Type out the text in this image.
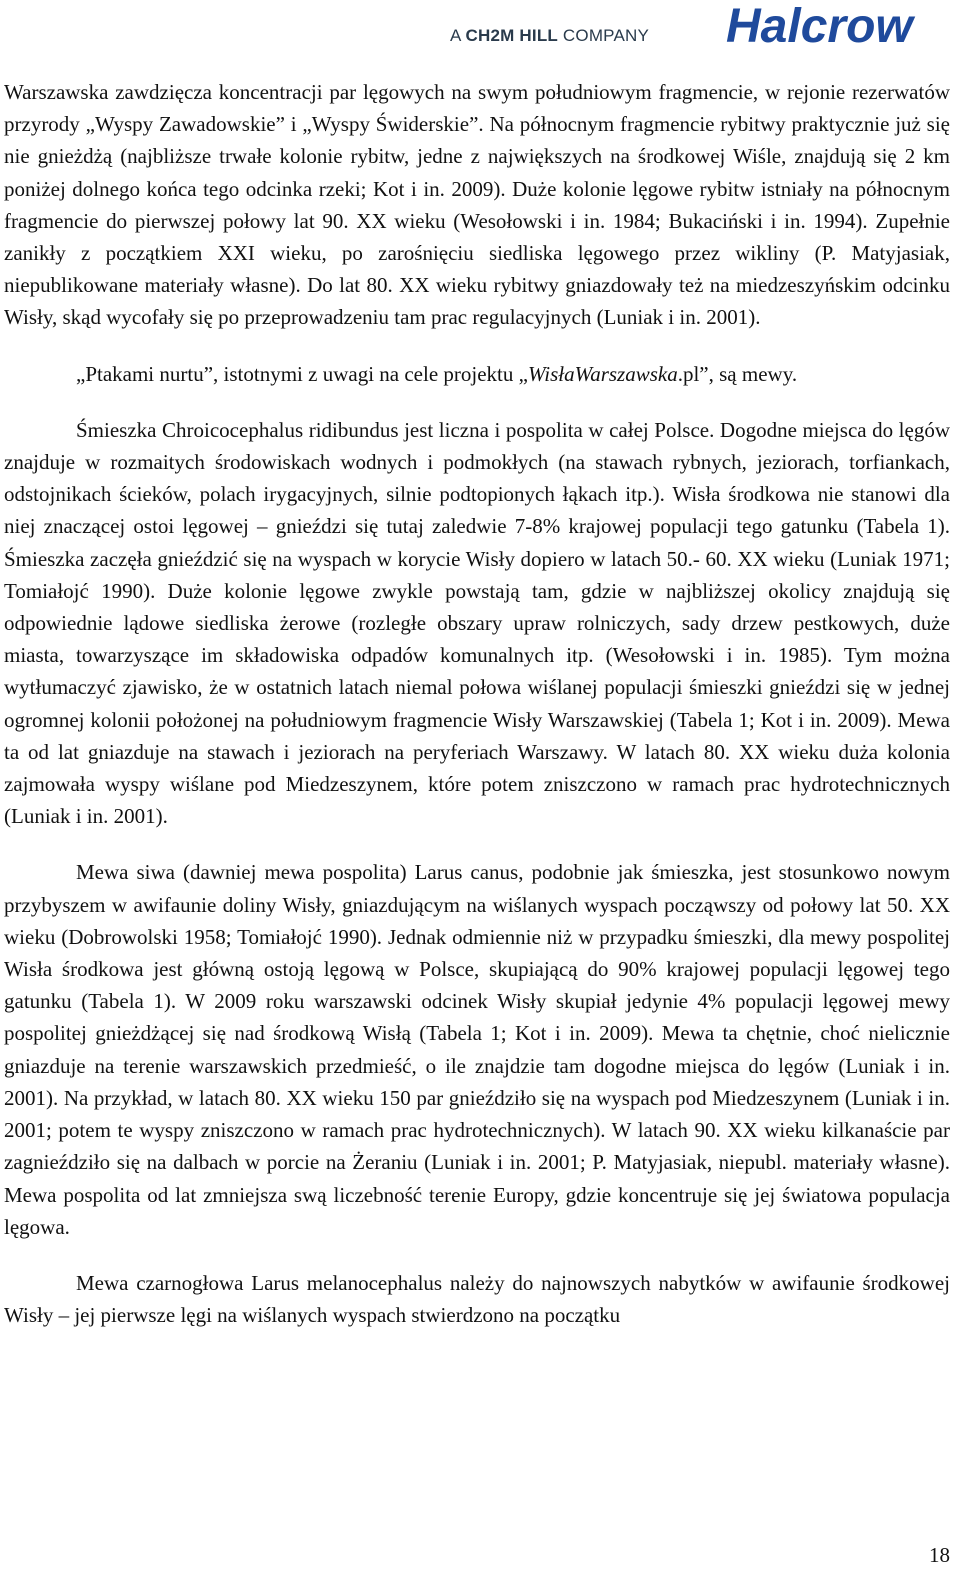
A CH2M HILL COMPANY Halcrow

Warszawska zawdzięcza koncentracji par lęgowych na swym południowym fragmencie, w rejonie rezerwatów przyrody „Wyspy Zawadowskie” i „Wyspy Świderskie”. Na północnym fragmencie rybitwy praktycznie już się nie gnieżdżą (najbliższe trwałe kolonie rybitw, jedne z największych na środkowej Wiśle, znajdują się 2 km poniżej dolnego końca tego odcinka rzeki; Kot i in. 2009). Duże kolonie lęgowe rybitw istniały na północnym fragmencie do pierwszej połowy lat 90. XX wieku (Wesołowski i in. 1984; Bukaciński i in. 1994). Zupełnie zanikły z początkiem XXI wieku, po zarośnięciu siedliska lęgowego przez wikliny (P. Matyjasiak, niepublikowane materiały własne). Do lat 80. XX wieku rybitwy gniazdowały też na miedzeszyńskim odcinku Wisły, skąd wycofały się po przeprowadzeniu tam prac regulacyjnych (Luniak i in. 2001).

„Ptakami nurtu”, istotnymi z uwagi na cele projektu „WisłaWarszawska.pl”, są mewy.

Śmieszka Chroicocephalus ridibundus jest liczna i pospolita w całej Polsce. Dogodne miejsca do lęgów znajduje w rozmaitych środowiskach wodnych i podmokłych (na stawach rybnych, jeziorach, torfiankach, odstojnikach ścieków, polach irygacyjnych, silnie podtopionych łąkach itp.). Wisła środkowa nie stanowi dla niej znaczącej ostoi lęgowej – gnieździ się tutaj zaledwie 7-8% krajowej populacji tego gatunku (Tabela 1). Śmieszka zaczęła gnieździć się na wyspach w korycie Wisły dopiero w latach 50.- 60. XX wieku (Luniak 1971; Tomiałojć 1990). Duże kolonie lęgowe zwykle powstają tam, gdzie w najbliższej okolicy znajdują się odpowiednie lądowe siedliska żerowe (rozległe obszary upraw rolniczych, sady drzew pestkowych, duże miasta, towarzyszące im składowiska odpadów komunalnych itp. (Wesołowski i in. 1985). Tym można wytłumaczyć zjawisko, że w ostatnich latach niemal połowa wiślanej populacji śmieszki gnieździ się w jednej ogromnej kolonii położonej na południowym fragmencie Wisły Warszawskiej (Tabela 1; Kot i in. 2009). Mewa ta od lat gniazduje na stawach i jeziorach na peryferiach Warszawy. W latach 80. XX wieku duża kolonia zajmowała wyspy wiślane pod Miedzeszynem, które potem zniszczono w ramach prac hydrotechnicznych (Luniak i in. 2001).

Mewa siwa (dawniej mewa pospolita) Larus canus, podobnie jak śmieszka, jest stosunkowo nowym przybyszem w awifaunie doliny Wisły, gniazdującym na wiślanych wyspach począwszy od połowy lat 50. XX wieku (Dobrowolski 1958; Tomiałojć 1990). Jednak odmiennie niż w przypadku śmieszki, dla mewy pospolitej Wisła środkowa jest główną ostoją lęgową w Polsce, skupiającą do 90% krajowej populacji lęgowej tego gatunku (Tabela 1). W 2009 roku warszawski odcinek Wisły skupiał jedynie 4% populacji lęgowej mewy pospolitej gnieżdżącej się nad środkową Wisłą (Tabela 1; Kot i in. 2009). Mewa ta chętnie, choć nielicznie gniazduje na terenie warszawskich przedmieść, o ile znajdzie tam dogodne miejsca do lęgów (Luniak i in. 2001). Na przykład, w latach 80. XX wieku 150 par gnieździło się na wyspach pod Miedzeszynem (Luniak i in. 2001; potem te wyspy zniszczono w ramach prac hydrotechnicznych). W latach 90. XX wieku kilkanaście par zagnieździło się na dalbach w porcie na Żeraniu (Luniak i in. 2001; P. Matyjasiak, niepubl. materiały własne). Mewa pospolita od lat zmniejsza swą liczebność terenie Europy, gdzie koncentruje się jej światowa populacja lęgowa.

Mewa czarnogłowa Larus melanocephalus należy do najnowszych nabytków w awifaunie środkowej Wisły – jej pierwsze lęgi na wiślanych wyspach stwierdzono na początku

18
